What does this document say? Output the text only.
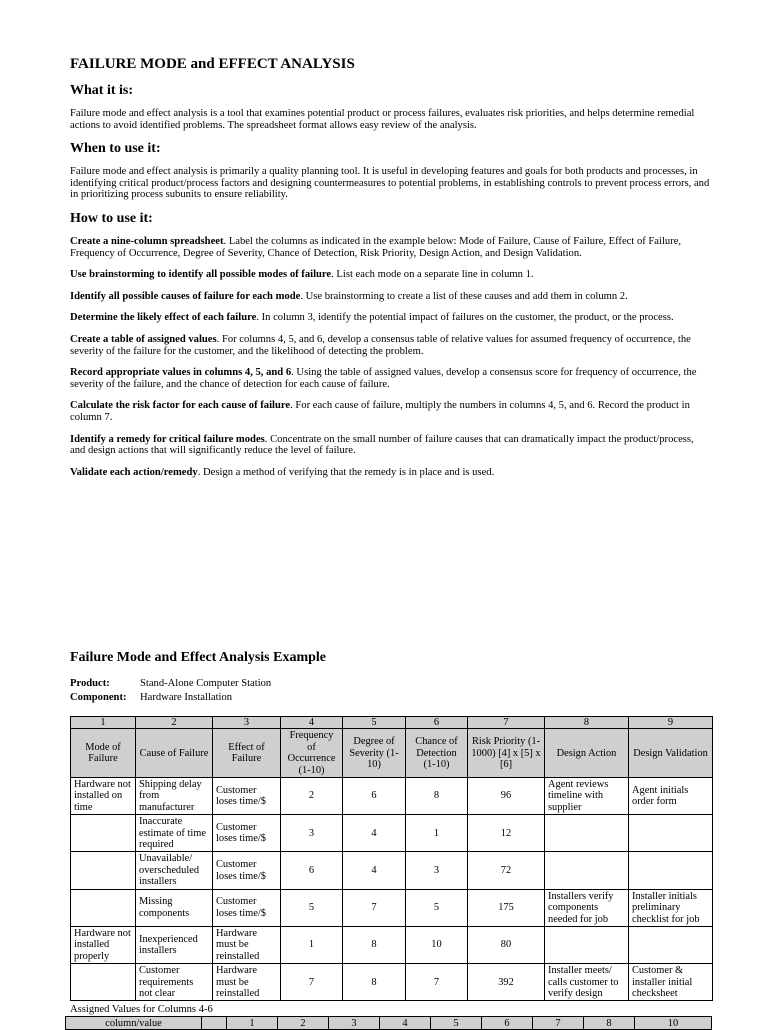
FAILURE MODE and EFFECT ANALYSIS
What it is:

Failure mode and effect analysis is a tool that examines potential product or process failures, evaluates risk priorities, and helps determine remedial actions to avoid identified problems. The spreadsheet format allows easy review of the analysis.

When to use it:

Failure mode and effect analysis is primarily a quality planning tool. It is useful in developing features and goals for both products and processes, in identifying critical product/process factors and designing countermeasures to potential problems, in establishing controls to prevent process errors, and in prioritizing process subunits to ensure reliability.

How to use it:

Create a nine-column spreadsheet. Label the columns as indicated in the example below: Mode of Failure, Cause of Failure, Effect of Failure, Frequency of Occurrence, Degree of Severity, Chance of Detection, Risk Priority, Design Action, and Design Validation.

Use brainstorming to identify all possible modes of failure. List each mode on a separate line in column 1.

Identify all possible causes of failure for each mode. Use brainstorming to create a list of these causes and add them in column 2.

Determine the likely effect of each failure. In column 3, identify the potential impact of failures on the customer, the product, or the process.

Create a table of assigned values. For columns 4, 5, and 6, develop a consensus table of relative values for assumed frequency of occurrence, the severity of the failure for the customer, and the likelihood of detecting the problem.

Record appropriate values in columns 4, 5, and 6. Using the table of assigned values, develop a consensus score for frequency of occurrence, the severity of the failure, and the chance of detection for each cause of failure.

Calculate the risk factor for each cause of failure. For each cause of failure, multiply the numbers in columns 4, 5, and 6. Record the product in column 7.

Identify a remedy for critical failure modes. Concentrate on the small number of failure causes that can dramatically impact the product/process, and design actions that will significantly reduce the level of failure.

Validate each action/remedy. Design a method of verifying that the remedy is in place and is used.

Failure Mode and Effect Analysis Example
Product:	Stand-Alone Computer Station
Component: Hardware Installation
1	2	3	4	5	6	7	8	9
Mode of Failure	Cause of Failure	Effect of Failure	Frequency of Occurrence (1-10)	Degree of Severity (1-10)	Chance of Detection (1-10)	Risk Priority (1-1000) [4] x [5] x [6]	Design Action	Design Validation
Hardware not installed on time	Shipping delay from manufacturer	Customer loses time/$	2	6	8	96	Agent reviews timeline with supplier	Agent initials order form
	Inaccurate estimate of time required	Customer loses time/$	3	4	1	12		
	Unavailable/ overscheduled installers	Customer loses time/$	6	4	3	72		
	Missing components	Customer loses time/$	5	7	5	175	Installers verify components needed for job	Installer initials preliminary checklist for job
Hardware not installed properly	Inexperienced installers	Hardware must be reinstalled	1	8	10	80		
	Customer requirements not clear	Hardware must be reinstalled	7	8	7	392	Installer meets/ calls customer to verify design	Customer & installer initial checksheet
Assigned Values for Columns 4-6
column/value		1	2	3	4	5	6	7	8	10
